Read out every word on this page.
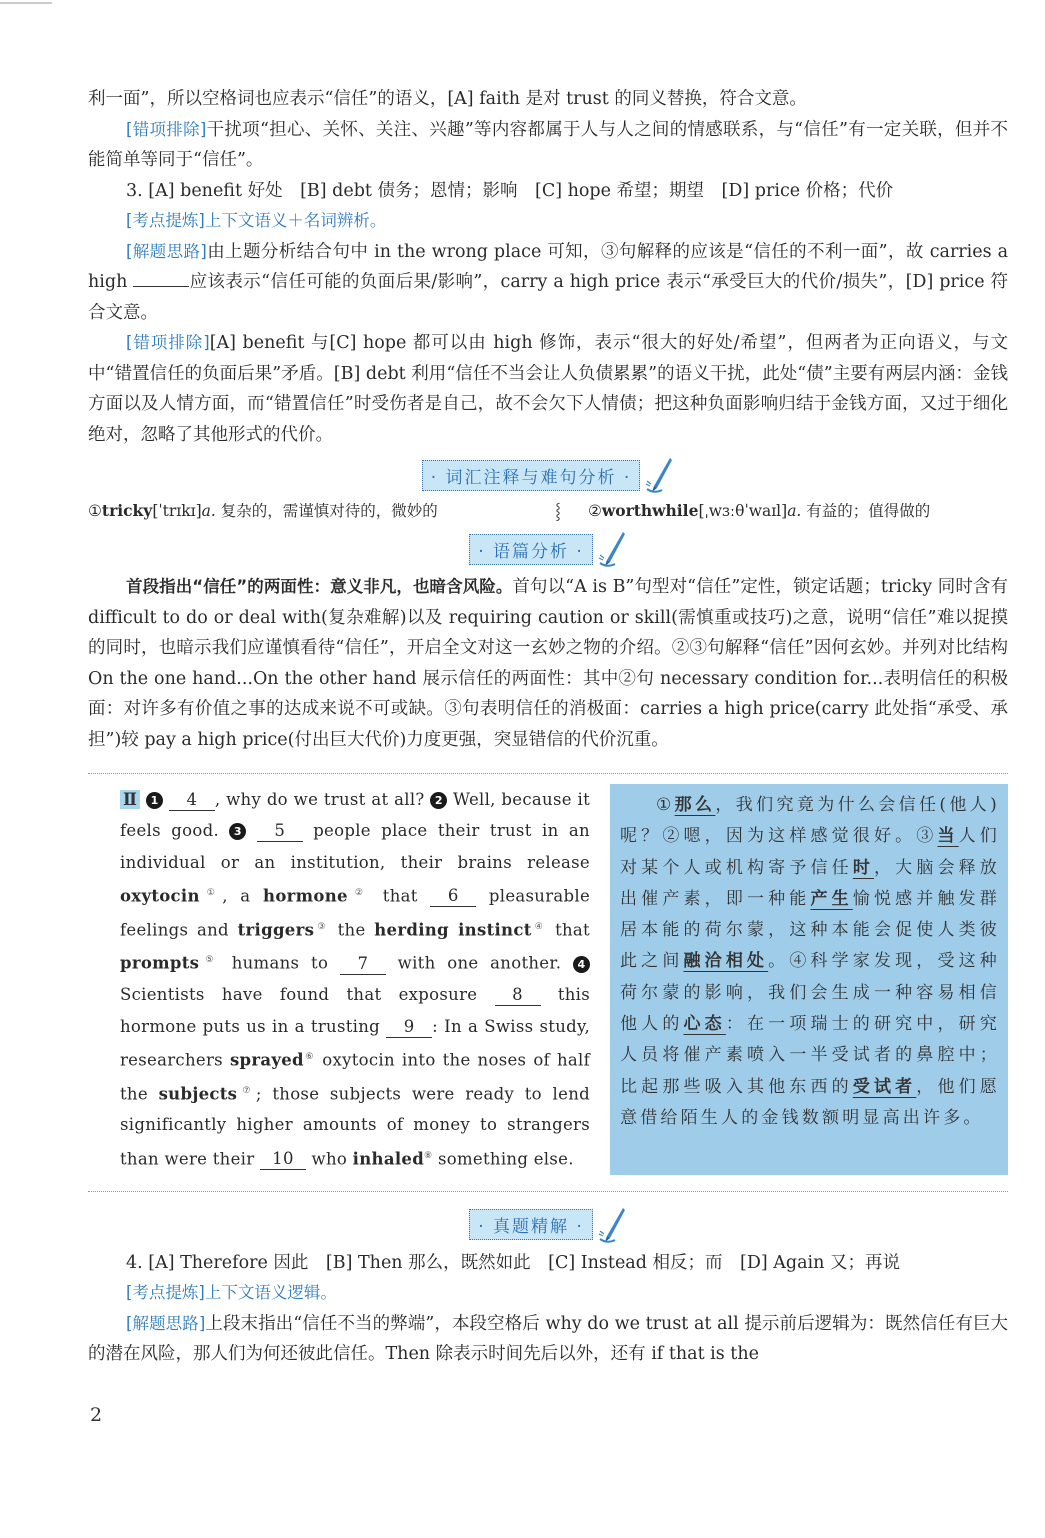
利一面”，所以空格词也应表示“信任”的语义，[A] faith 是对 trust 的同义替换，符合文意。

[错项排除]干扰项“担心、关怀、关注、兴趣”等内容都属于人与人之间的情感联系，与“信任”有一定关联，但并不能简单等同于“信任”。

3. [A] benefit 好处　[B] debt 债务；恩情；影响　[C] hope 希望；期望　[D] price 价格；代价

[考点提炼]上下文语义＋名词辨析。

[解题思路]由上题分析结合句中 in the wrong place 可知，③句解释的应该是“信任的不利一面”，故 carries a high	应该表示“信任可能的负面后果/影响”，carry a high price 表示“承受巨大的代价/损失”，[D] price 符合文意。

[错项排除][A] benefit 与[C] hope 都可以由 high 修饰，表示“很大的好处/希望”，但两者为正向语义，与文中“错置信任的负面后果”矛盾。[B] debt 利用“信任不当会让人负债累累”的语义干扰，此处“债”主要有两层内涵：金钱方面以及人情方面，而“错置信任”时受伤者是自己，故不会欠下人情债；把这种负面影响归结于金钱方面，又过于细化绝对，忽略了其他形式的代价。

· 词汇注释与难句分析 ·
①tricky[ˈtrɪkɪ]a. 复杂的，需谨慎对待的，微妙的	⸾	②worthwhile[ˌwɜːθˈwaɪl]a. 有益的；值得做的
· 语篇分析 ·

首段指出“信任”的两面性：意义非凡，也暗含风险。首句以“A is B”句型对“信任”定性，锁定话题；tricky 同时含有 difficult to do or deal with(复杂难解)以及 requiring caution or skill(需慎重或技巧)之意，说明“信任”难以捉摸的同时，也暗示我们应谨慎看待“信任”，开启全文对这一玄妙之物的介绍。②③句解释“信任”因何玄妙。并列对比结构 On the one hand...On the other hand 展示信任的两面性：其中②句 necessary condition for...表明信任的积极面：对许多有价值之事的达成来说不可或缺。③句表明信任的消极面：carries a high price(carry 此处指“承受、承担”)较 pay a high price(付出巨大代价)力度更强，突显错信的代价沉重。

Ⅱ 1 4 , why do we trust at all? 2 Well, because it feels good. 3 5 people place their trust in an individual or an institution, their brains release oxytocin①, a hormone② that 6 pleasurable feelings and triggers③ the herding instinct④ that prompts⑤ humans to 7 with one another. 4Scientists have found that exposure 8 this hormone puts us in a trusting 9 : In a Swiss study, researchers sprayed⑥ oxytocin into the noses of half the subjects⑦; those subjects were ready to lend significantly higher amounts of money to strangers than were their 10 who inhaled⑧ something else.
①那么，我们究竟为什么会信任(他人)呢？②嗯，因为这样感觉很好。③当人们对某个人或机构寄予信任时，大脑会释放出催产素，即一种能产生愉悦感并触发群居本能的荷尔蒙，这种本能会促使人类彼此之间融洽相处。④科学家发现，受这种荷尔蒙的影响，我们会生成一种容易相信他人的心态：在一项瑞士的研究中，研究人员将催产素喷入一半受试者的鼻腔中；比起那些吸入其他东西的受试者，他们愿意借给陌生人的金钱数额明显高出许多。
· 真题精解 ·

4. [A] Therefore 因此　[B] Then 那么，既然如此　[C] Instead 相反；而　[D] Again 又；再说

[考点提炼]上下文语义逻辑。

[解题思路]上段末指出“信任不当的弊端”，本段空格后 why do we trust at all 提示前后逻辑为：既然信任有巨大的潜在风险，那人们为何还彼此信任。Then 除表示时间先后以外，还有 if that is the

2
